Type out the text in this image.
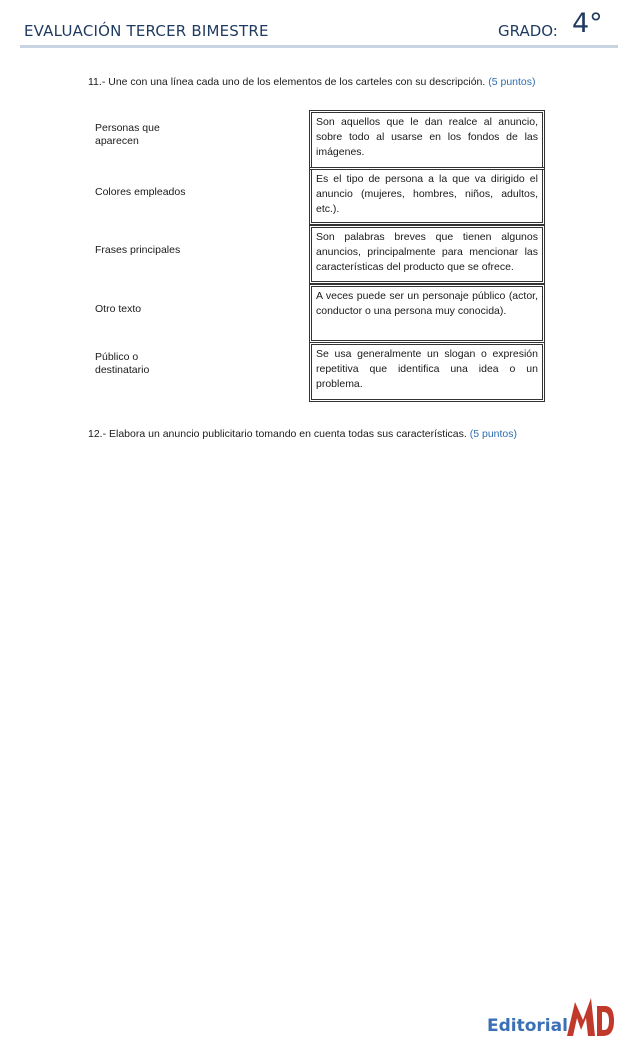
EVALUACIÓN TERCER BIMESTRE	GRADO: 4°
11.- Une con una línea cada uno de los elementos de los carteles con su descripción. (5 puntos)
Personas que aparecen
Colores empleados
Frases principales
Otro texto
Público o destinatario
Son aquellos que le dan realce al anuncio, sobre todo al usarse en los fondos de las imágenes.
Es el tipo de persona a la que va dirigido el anuncio (mujeres, hombres, niños, adultos, etc.).
Son palabras breves que tienen algunos anuncios, principalmente para mencionar las características del producto que se ofrece.
A veces puede ser un personaje público (actor, conductor o una persona muy conocida).
Se usa generalmente un slogan o expresión repetitiva que identifica una idea o un problema.
12.- Elabora un anuncio publicitario tomando en cuenta todas sus características. (5 puntos)
Editorial
